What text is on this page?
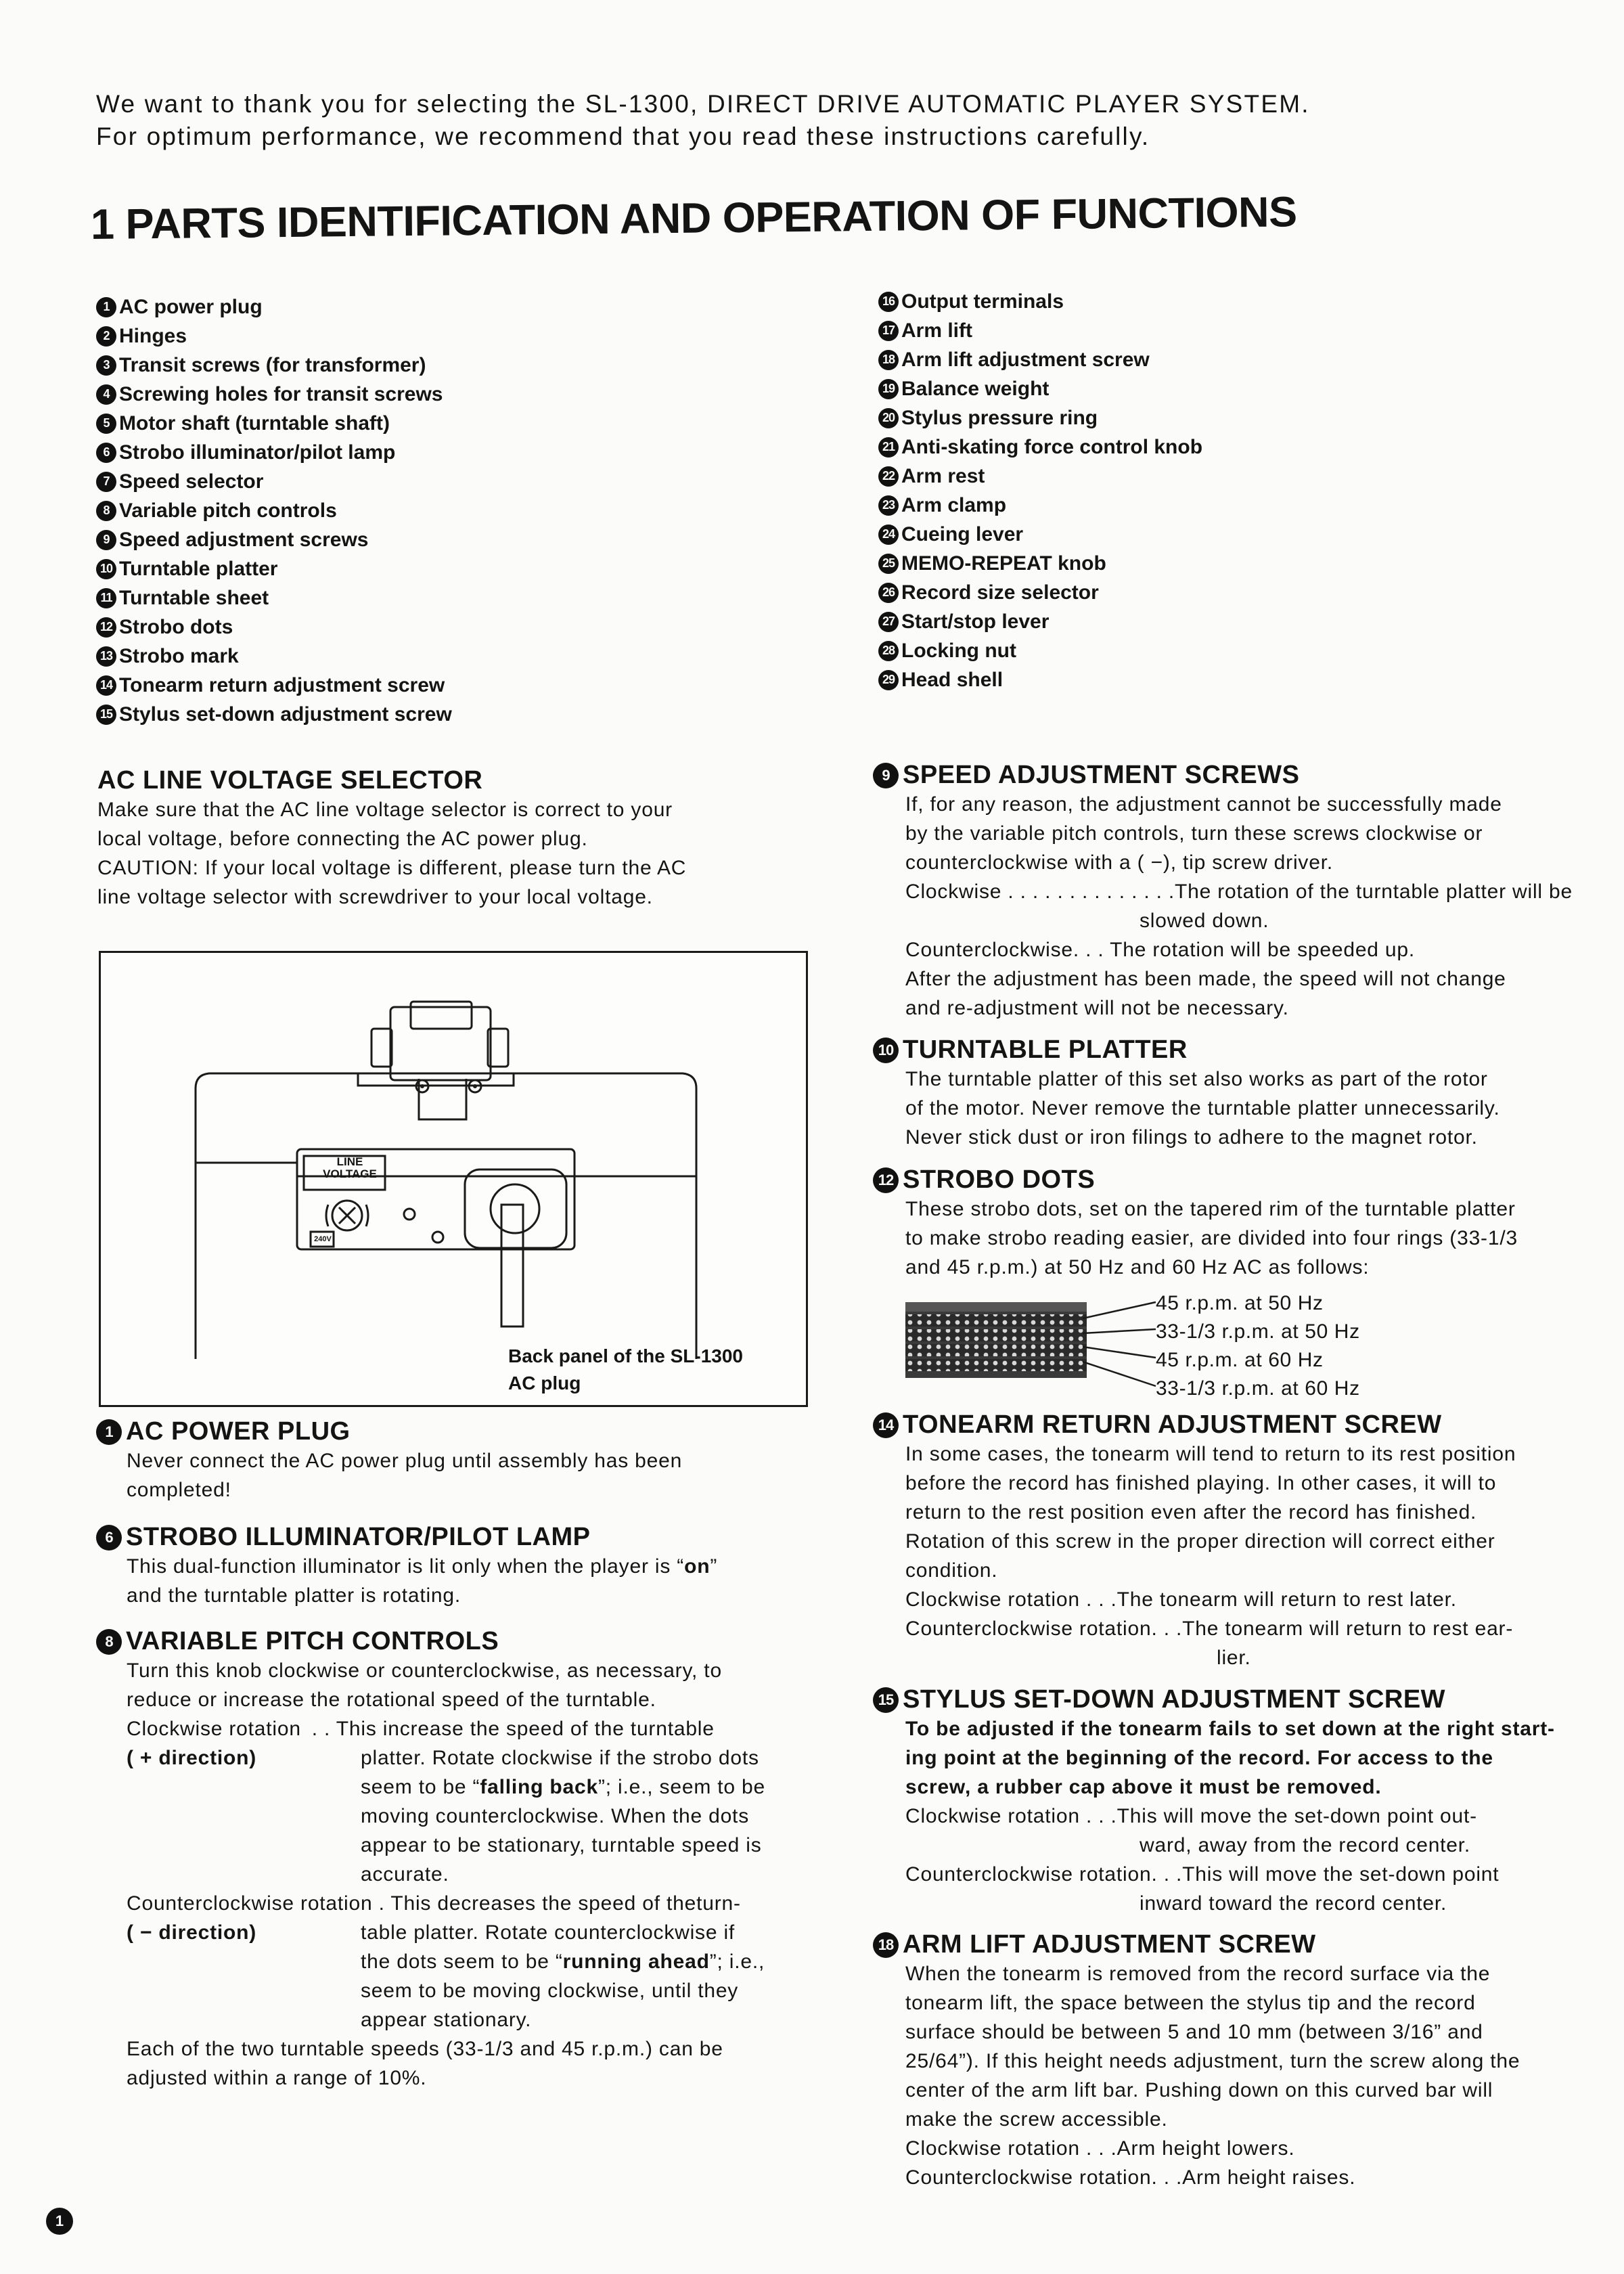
We want to thank you for selecting the SL-1300, DIRECT DRIVE AUTOMATIC PLAYER SYSTEM.
For optimum performance, we recommend that you read these instructions carefully.
1 PARTS IDENTIFICATION AND OPERATION OF FUNCTIONS
1 AC power plug
2 Hinges
3 Transit screws (for transformer)
4 Screwing holes for transit screws
5 Motor shaft (turntable shaft)
6 Strobo illuminator/pilot lamp
7 Speed selector
8 Variable pitch controls
9 Speed adjustment screws
10 Turntable platter
11 Turntable sheet
12 Strobo dots
13 Strobo mark
14 Tonearm return adjustment screw
15 Stylus set-down adjustment screw
16 Output terminals
17 Arm lift
18 Arm lift adjustment screw
19 Balance weight
20 Stylus pressure ring
21 Anti-skating force control knob
22 Arm rest
23 Arm clamp
24 Cueing lever
25 MEMO-REPEAT knob
26 Record size selector
27 Start/stop lever
28 Locking nut
29 Head shell
AC LINE VOLTAGE SELECTOR

Make sure that the AC line voltage selector is correct to your

local voltage, before connecting the AC power plug.

CAUTION: If your local voltage is different, please turn the AC

line voltage selector with screwdriver to your local voltage.

LINE
VOLTAGE
240V
Back panel of the SL-1300
AC plug
1 AC POWER PLUG

Never connect the AC power plug until assembly has been

completed!

6 STROBO ILLUMINATOR/PILOT LAMP

This dual-function illuminator is lit only when the player is “on”

and the turntable platter is rotating.

8 VARIABLE PITCH CONTROLS

Turn this knob clockwise or counterclockwise, as necessary, to

reduce or increase the rotational speed of the turntable.

Clockwise rotation  . . This increase the speed of the turntable

( + direction)	platter. Rotate clockwise if the strobo dots

seem to be “falling back”; i.e., seem to be

moving counterclockwise. When the dots

appear to be stationary, turntable speed is

accurate.

Counterclockwise rotation . This decreases the speed of theturn-

( − direction)	table platter. Rotate counterclockwise if

the dots seem to be “running ahead”; i.e.,

seem to be moving clockwise, until they

appear stationary.

Each of the two turntable speeds (33-1/3 and 45 r.p.m.) can be

adjusted within a range of 10%.

9 SPEED ADJUSTMENT SCREWS

If, for any reason, the adjustment cannot be successfully made

by the variable pitch controls, turn these screws clockwise or

counterclockwise with a ( −), tip screw driver.

Clockwise . . . . . . . . . . . . . .The rotation of the turntable platter will be

slowed down.

Counterclockwise. . . The rotation will be speeded up.

After the adjustment has been made, the speed will not change

and re-adjustment will not be necessary.

10 TURNTABLE PLATTER

The turntable platter of this set also works as part of the rotor

of the motor. Never remove the turntable platter unnecessarily.

Never stick dust or iron filings to adhere to the magnet rotor.

12 STROBO DOTS

These strobo dots, set on the tapered rim of the turntable platter

to make strobo reading easier, are divided into four rings (33-1/3

and 45 r.p.m.) at 50 Hz and 60 Hz AC as follows:

45 r.p.m. at 50 Hz
33-1/3 r.p.m. at 50 Hz
45 r.p.m. at 60 Hz
33-1/3 r.p.m. at 60 Hz
14 TONEARM RETURN ADJUSTMENT SCREW

In some cases, the tonearm will tend to return to its rest position

before the record has finished playing. In other cases, it will to

return to the rest position even after the record has finished.

Rotation of this screw in the proper direction will correct either

condition.

Clockwise rotation . . .The tonearm will return to rest later.

Counterclockwise rotation. . .The tonearm will return to rest ear-

lier.

15 STYLUS SET-DOWN ADJUSTMENT SCREW

To be adjusted if the tonearm fails to set down at the right start-

ing point at the beginning of the record. For access to the

screw, a rubber cap above it must be removed.

Clockwise rotation . . .This will move the set-down point out-

ward, away from the record center.

Counterclockwise rotation. . .This will move the set-down point

inward toward the record center.

18 ARM LIFT ADJUSTMENT SCREW

When the tonearm is removed from the record surface via the

tonearm lift, the space between the stylus tip and the record

surface should be between 5 and 10 mm (between 3/16” and

25/64”). If this height needs adjustment, turn the screw along the

center of the arm lift bar. Pushing down on this curved bar will

make the screw accessible.

Clockwise rotation . . .Arm height lowers.

Counterclockwise rotation. . .Arm height raises.

1
